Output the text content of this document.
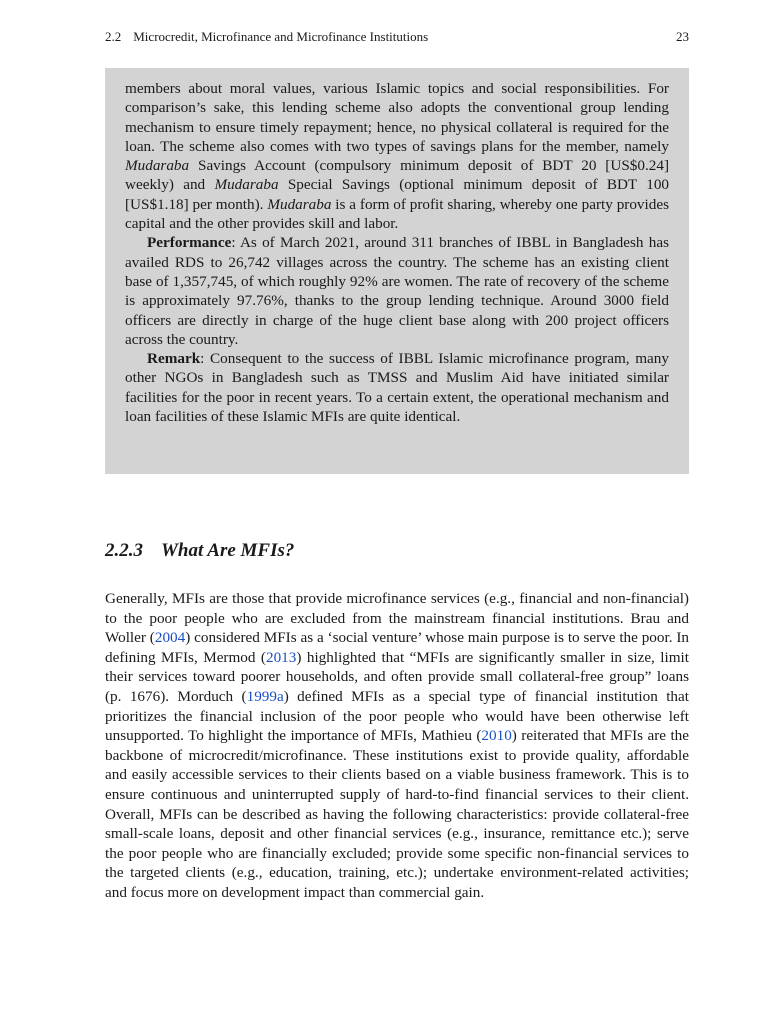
2.2 Microcredit, Microfinance and Microfinance Institutions	23

members about moral values, various Islamic topics and social responsibilities. For comparison’s sake, this lending scheme also adopts the conventional group lending mechanism to ensure timely repayment; hence, no physical collateral is required for the loan. The scheme also comes with two types of savings plans for the member, namely Mudaraba Savings Account (compulsory minimum deposit of BDT 20 [US$0.24] weekly) and Mudaraba Special Savings (optional minimum deposit of BDT 100 [US$1.18] per month). Mudaraba is a form of profit sharing, whereby one party provides capital and the other provides skill and labor.

Performance: As of March 2021, around 311 branches of IBBL in Bangladesh has availed RDS to 26,742 villages across the country. The scheme has an existing client base of 1,357,745, of which roughly 92% are women. The rate of recovery of the scheme is approximately 97.76%, thanks to the group lending technique. Around 3000 field officers are directly in charge of the huge client base along with 200 project officers across the country.

Remark: Consequent to the success of IBBL Islamic microfinance program, many other NGOs in Bangladesh such as TMSS and Muslim Aid have initiated similar facilities for the poor in recent years. To a certain extent, the operational mechanism and loan facilities of these Islamic MFIs are quite identical.

2.2.3 What Are MFIs?

Generally, MFIs are those that provide microfinance services (e.g., financial and non-financial) to the poor people who are excluded from the mainstream financial institutions. Brau and Woller (2004) considered MFIs as a ‘social venture’ whose main purpose is to serve the poor. In defining MFIs, Mermod (2013) highlighted that “MFIs are significantly smaller in size, limit their services toward poorer households, and often provide small collateral-free group” loans (p. 1676). Morduch (1999a) defined MFIs as a special type of financial institution that prioritizes the financial inclusion of the poor people who would have been otherwise left unsupported. To highlight the importance of MFIs, Mathieu (2010) reiterated that MFIs are the backbone of microcredit/microfinance. These institutions exist to provide quality, affordable and easily accessible services to their clients based on a viable business framework. This is to ensure continuous and uninterrupted supply of hard-to-find financial services to their client. Overall, MFIs can be described as having the following characteristics: provide collateral-free small-scale loans, deposit and other financial services (e.g., insurance, remittance etc.); serve the poor people who are financially excluded; provide some specific non-financial services to the targeted clients (e.g., education, training, etc.); undertake environment-related activities; and focus more on development impact than commercial gain.
